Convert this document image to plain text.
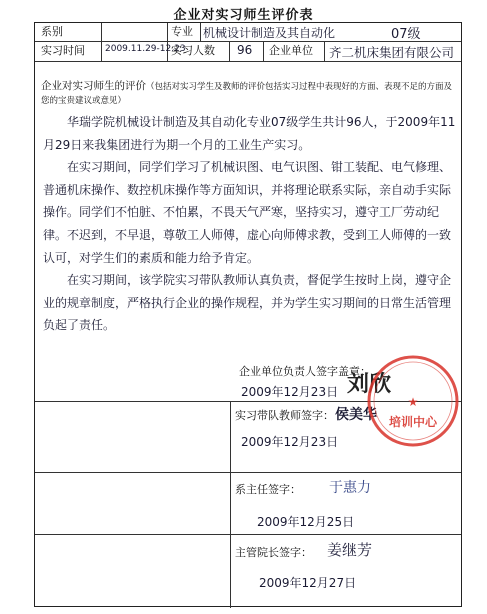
企业对实习师生评价表
系别	专业 机械设计制造及其自动化	07级
实习时间 2009.11.29-12.23
实习人数 96 企业单位 齐二机床集团有限公司
企业对实习师生的评价（包括对实习学生及教师的评价包括实习过程中表现好的方面、表现不足的方面及您的宝贵建议或意见）

华瑞学院机械设计制造及其自动化专业07级学生共计96人，于2009年11月29日来我集团进行为期一个月的工业生产实习。

在实习期间，同学们学习了机械识图、电气识图、钳工装配、电气修理、普通机床操作、数控机床操作等方面知识，并将理论联系实际，亲自动手实际操作。同学们不怕脏、不怕累，不畏天气严寒，坚持实习，遵守工厂劳动纪律。不迟到，不早退，尊敬工人师傅，虚心向师傅求教，受到工人师傅的一致认可，对学生们的素质和能力给予肯定。

在实习期间，该学院实习带队教师认真负责，督促学生按时上岗，遵守企业的规章制度，严格执行企业的操作规程，并为学生实习期间的日常生活管理负起了责任。

企业单位负责人签字盖章：
刘欣
2009年12月23日
实习带队教师签字： 侯美华
2009年12月23日
系主任签字： 于惠力
2009年12月25日
主管院长签字： 姜继芳
2009年12月27日
★
培训中心
